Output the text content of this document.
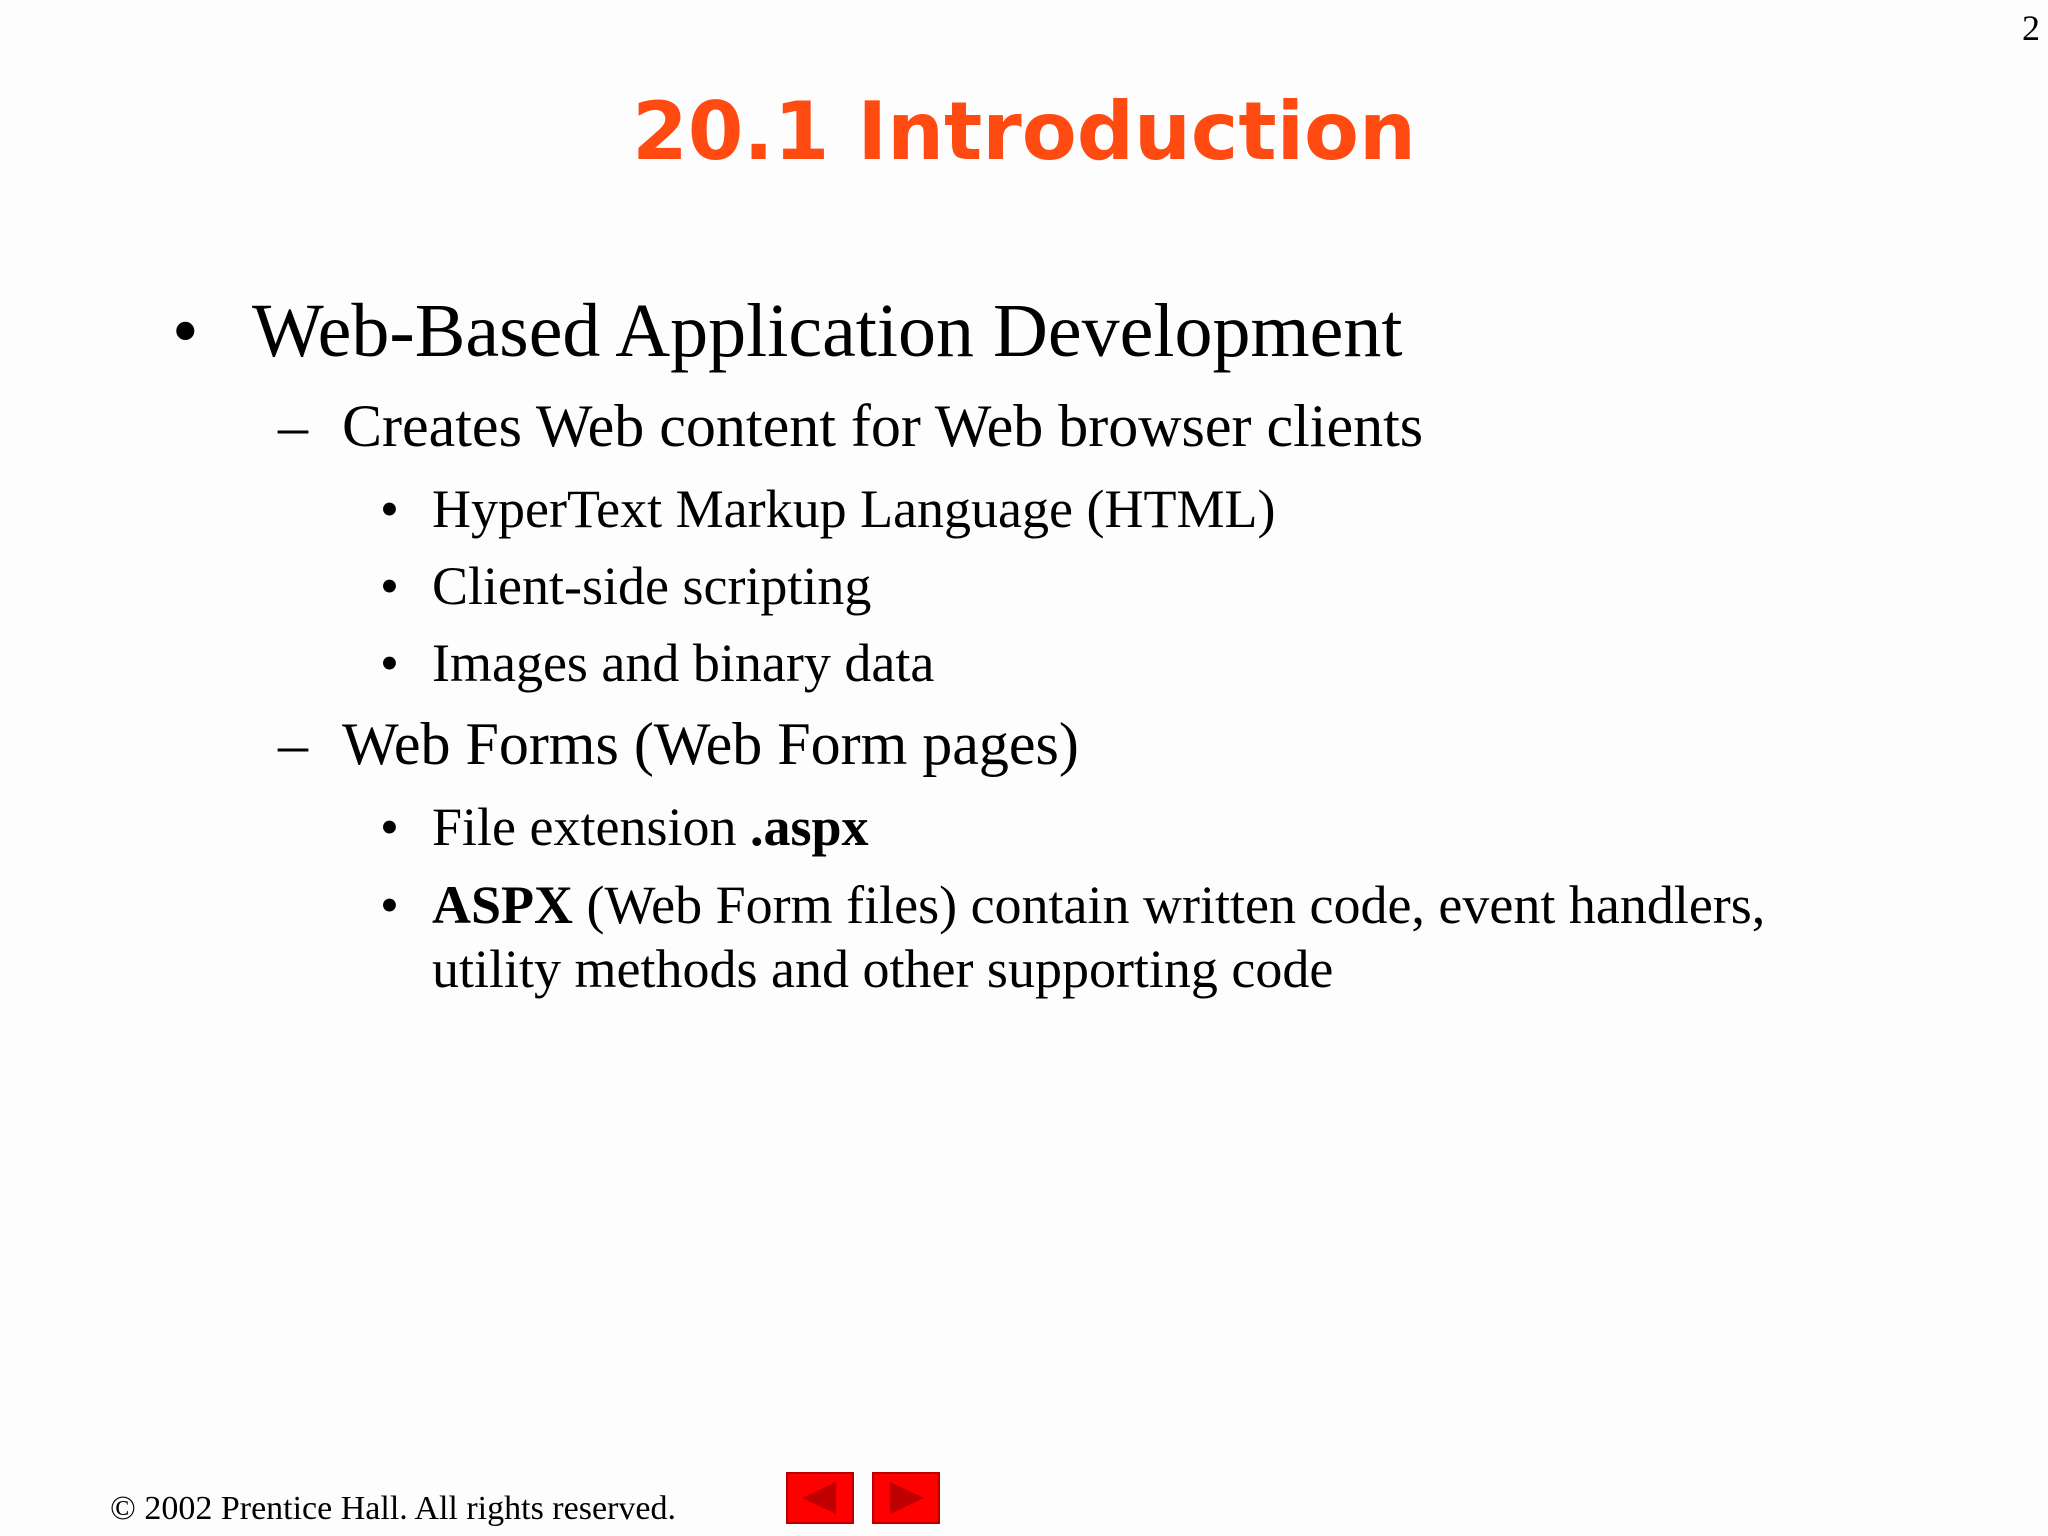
2
20.1 Introduction
• Web-Based Application Development
– Creates Web content for Web browser clients
• HyperText Markup Language (HTML)
• Client-side scripting
• Images and binary data
– Web Forms (Web Form pages)
• File extension .aspx
• ASPX (Web Form files) contain written code, event handlers,
utility methods and other supporting code
© 2002 Prentice Hall. All rights reserved.
